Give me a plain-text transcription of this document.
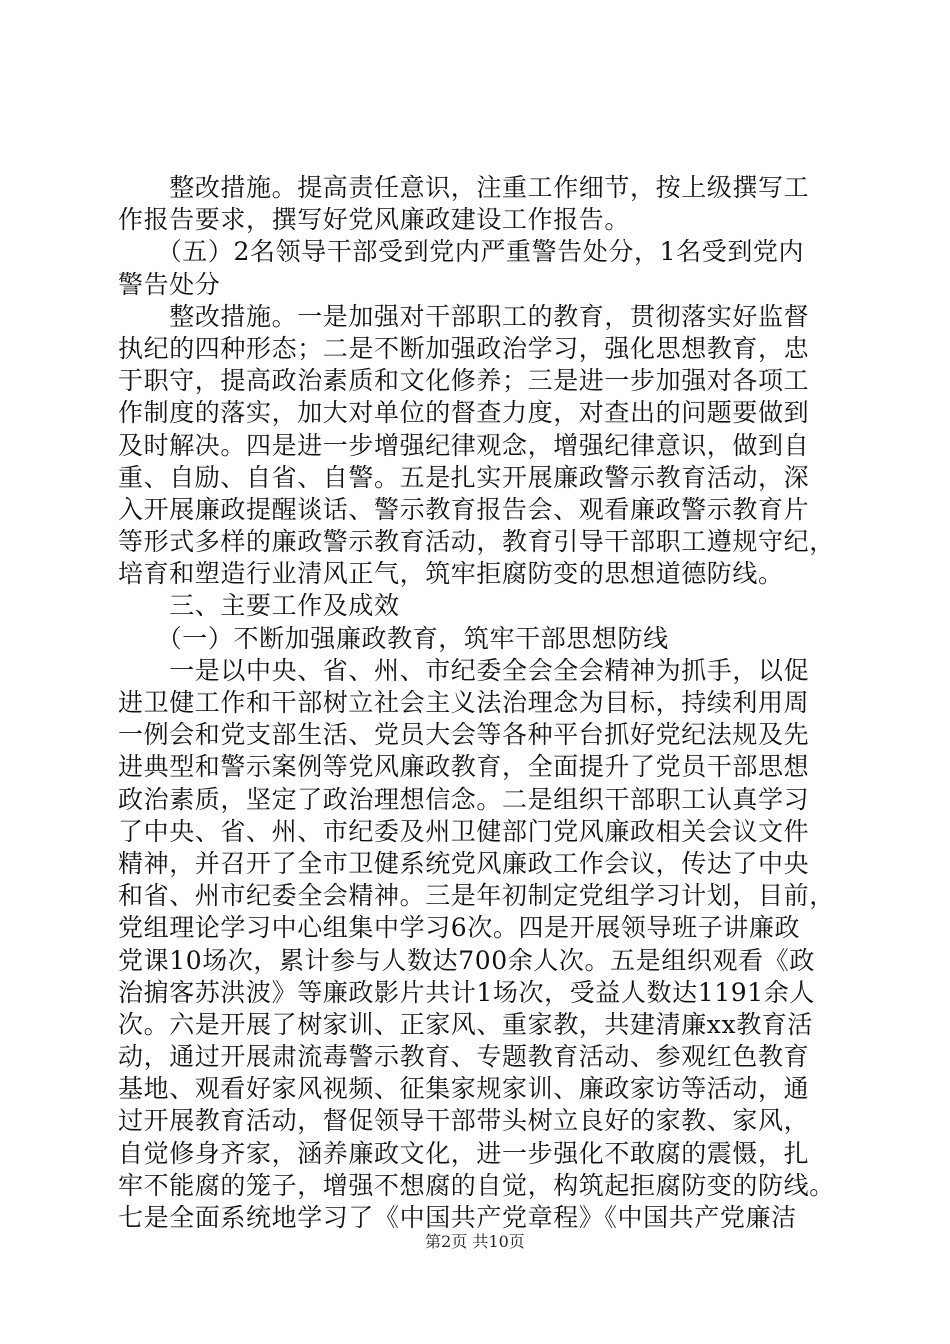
　　整改措施。提高责任意识，注重工作细节，按上级撰写工
作报告要求，撰写好党风廉政建设工作报告。
　　（五）2名领导干部受到党内严重警告处分，1名受到党内
警告处分
　　整改措施。一是加强对干部职工的教育，贯彻落实好监督
执纪的四种形态；二是不断加强政治学习，强化思想教育，忠
于职守，提高政治素质和文化修养；三是进一步加强对各项工
作制度的落实，加大对单位的督查力度，对查出的问题要做到
及时解决。四是进一步增强纪律观念，增强纪律意识，做到自
重、自励、自省、自警。五是扎实开展廉政警示教育活动，深
入开展廉政提醒谈话、警示教育报告会、观看廉政警示教育片
等形式多样的廉政警示教育活动，教育引导干部职工遵规守纪，
培育和塑造行业清风正气，筑牢拒腐防变的思想道德防线。
　　三、主要工作及成效
　　（一）不断加强廉政教育，筑牢干部思想防线
　　一是以中央、省、州、市纪委全会全会精神为抓手，以促
进卫健工作和干部树立社会主义法治理念为目标，持续利用周
一例会和党支部生活、党员大会等各种平台抓好党纪法规及先
进典型和警示案例等党风廉政教育，全面提升了党员干部思想
政治素质，坚定了政治理想信念。二是组织干部职工认真学习
了中央、省、州、市纪委及州卫健部门党风廉政相关会议文件
精神，并召开了全市卫健系统党风廉政工作会议，传达了中央
和省、州市纪委全会精神。三是年初制定党组学习计划，目前，
党组理论学习中心组集中学习6次。四是开展领导班子讲廉政
党课10场次，累计参与人数达700余人次。五是组织观看《政
治掮客苏洪波》等廉政影片共计1场次，受益人数达1191余人
次。六是开展了树家训、正家风、重家教，共建清廉xx教育活
动，通过开展肃流毒警示教育、专题教育活动、参观红色教育
基地、观看好家风视频、征集家规家训、廉政家访等活动，通
过开展教育活动，督促领导干部带头树立良好的家教、家风，
自觉修身齐家，涵养廉政文化，进一步强化不敢腐的震慑，扎
牢不能腐的笼子，增强不想腐的自觉，构筑起拒腐防变的防线。
七是全面系统地学习了《中国共产党章程》《中国共产党廉洁
第2页 共10页
